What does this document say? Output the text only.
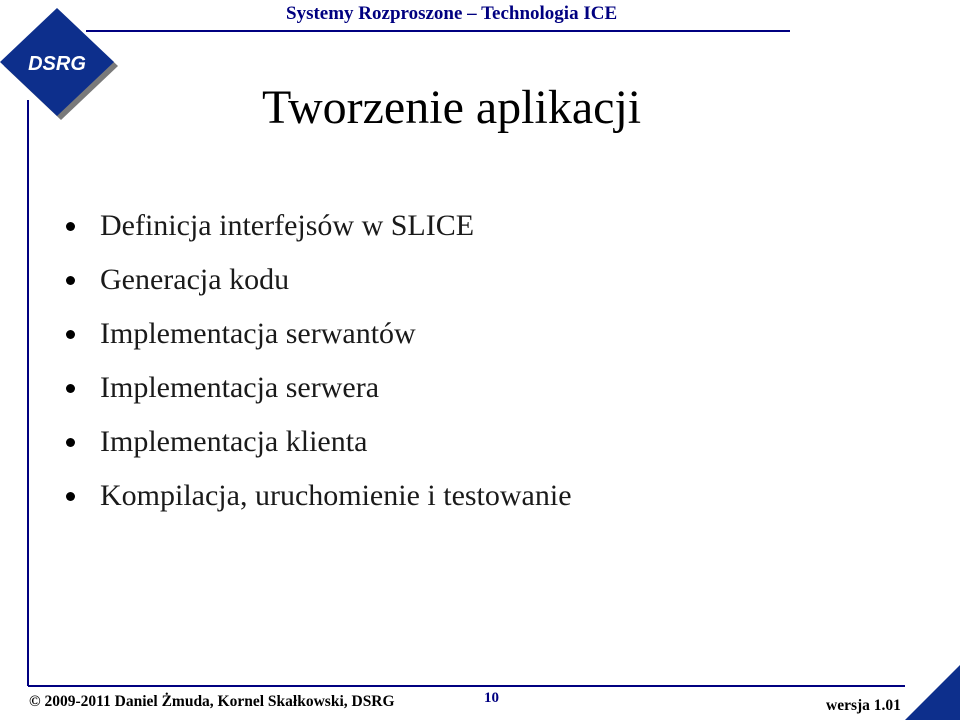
DSRG
Systemy Rozproszone – Technologia ICE
Tworzenie aplikacji
Definicja interfejsów w SLICE
Generacja kodu
Implementacja serwantów
Implementacja serwera
Implementacja klienta
Kompilacja, uruchomienie i testowanie
© 2009-2011 Daniel Żmuda, Kornel Skałkowski, DSRG	10	wersja 1.01
